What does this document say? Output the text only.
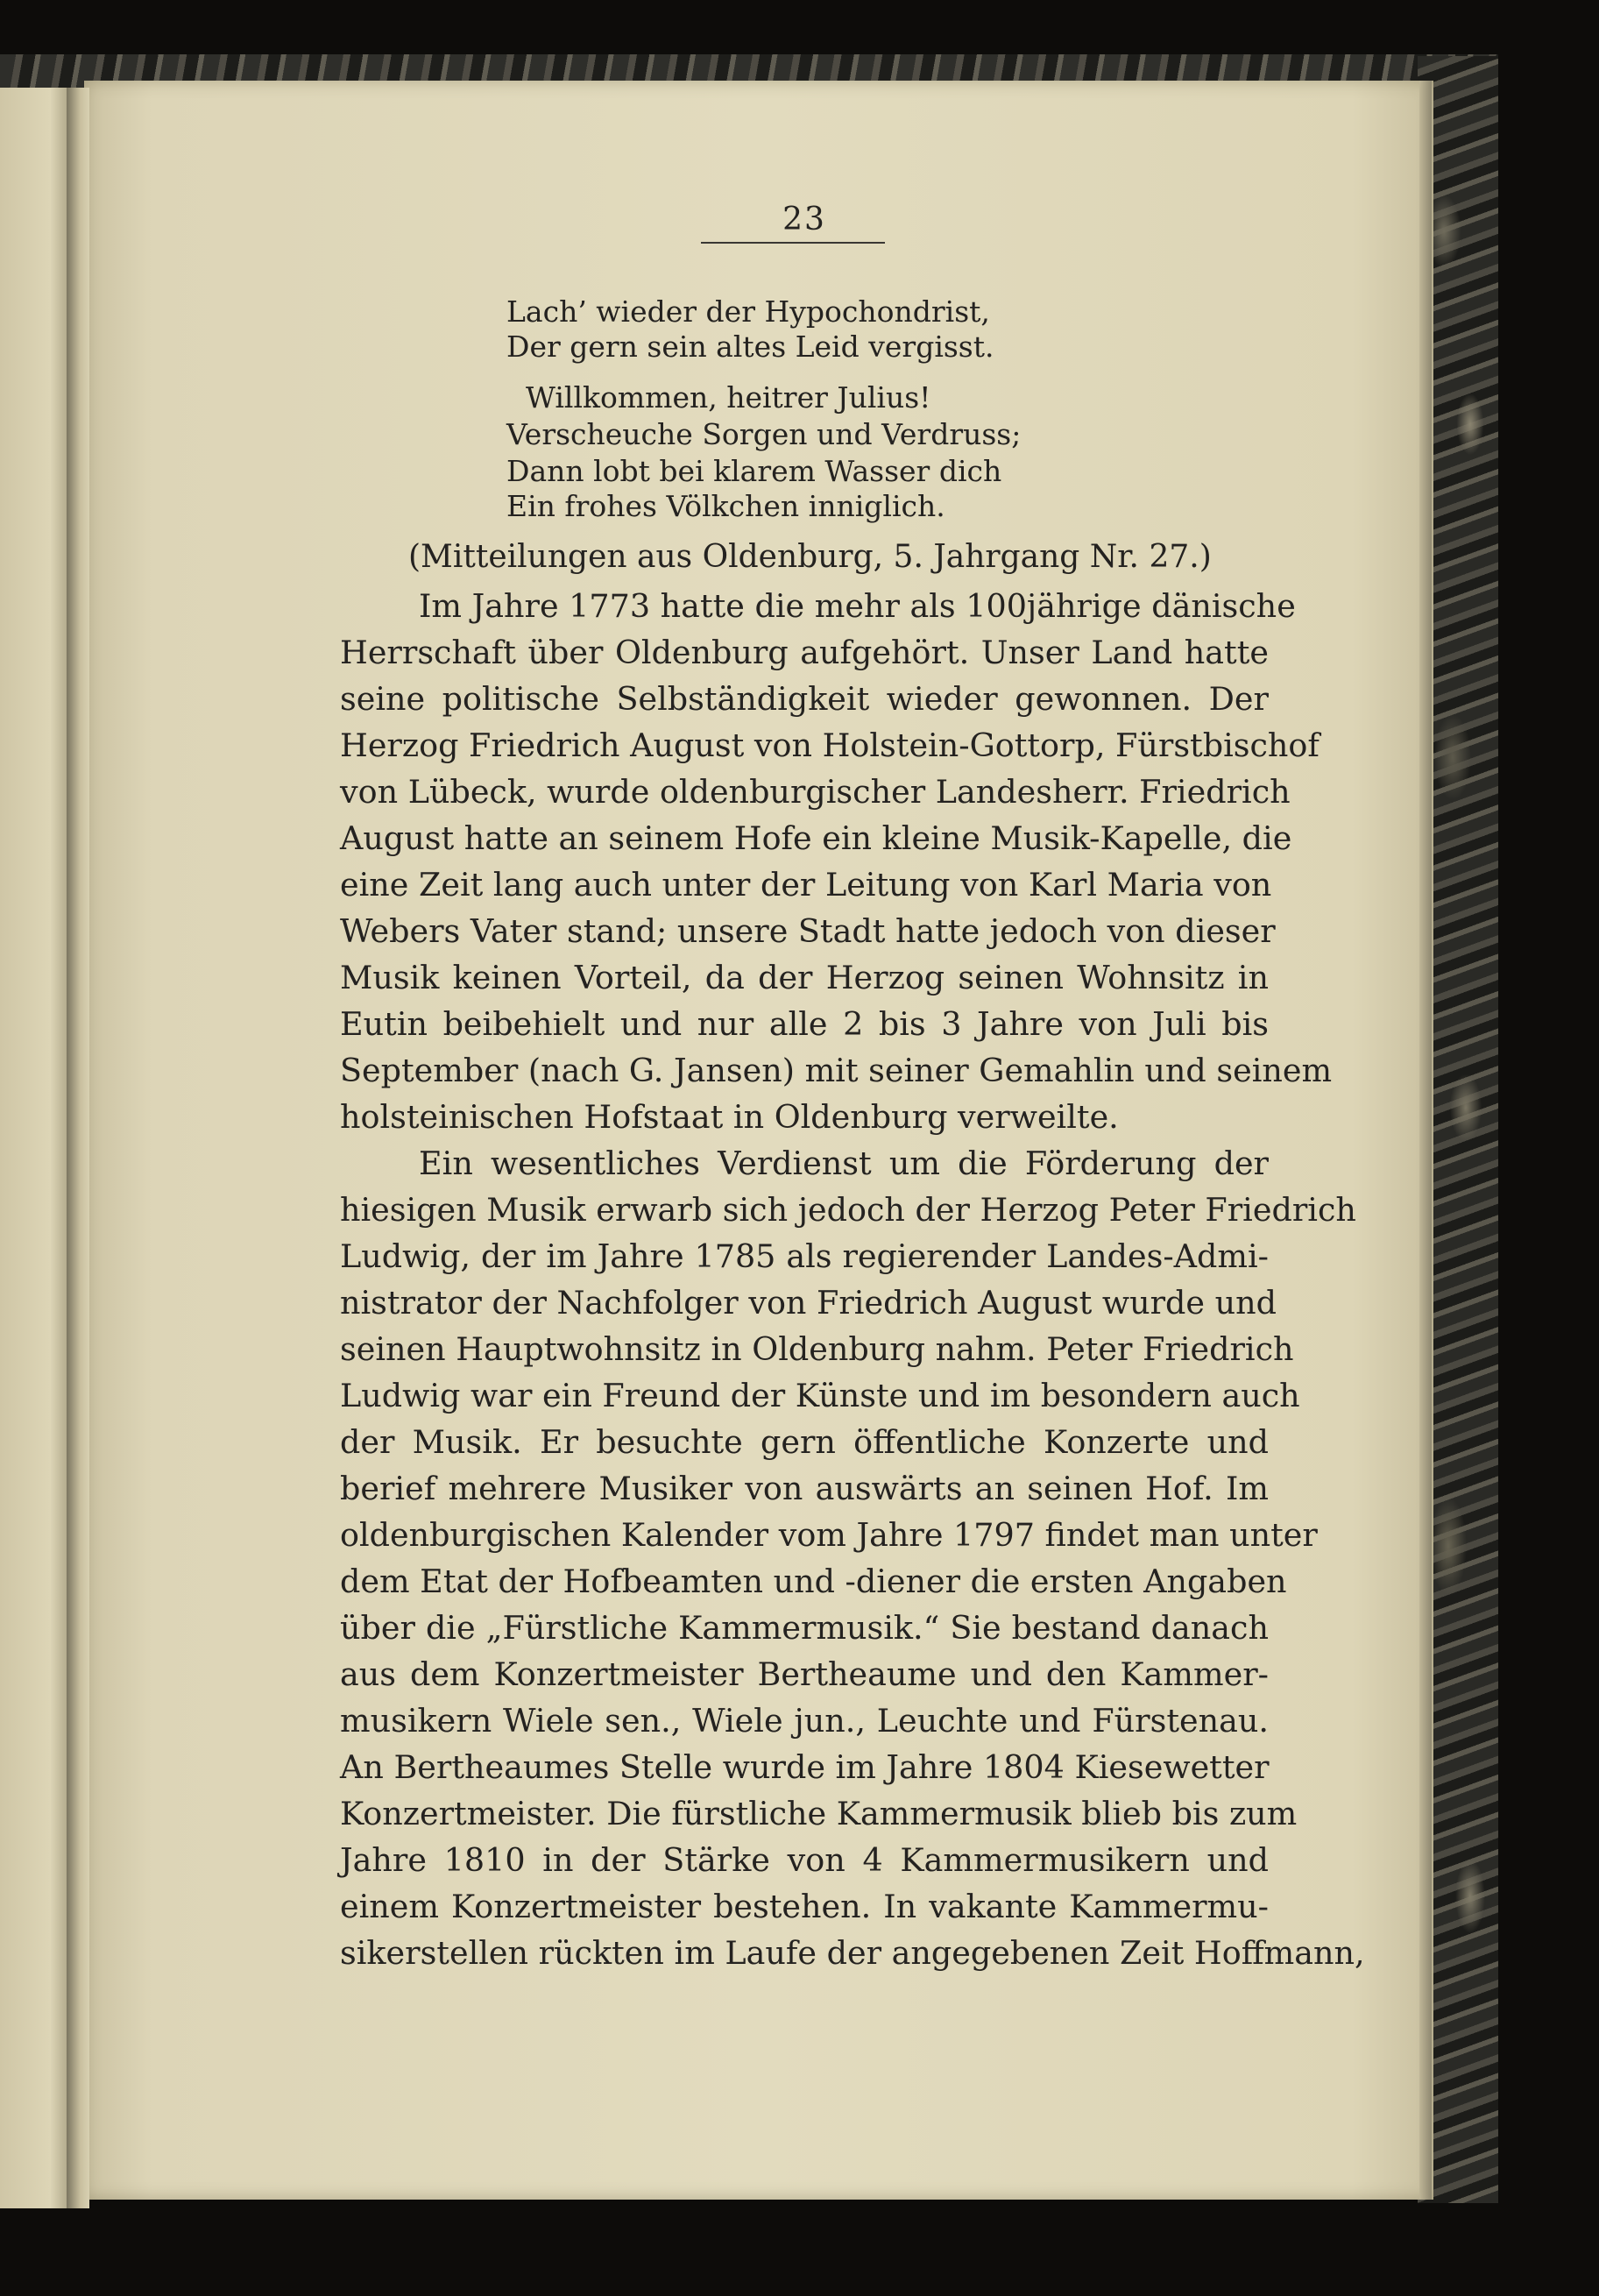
23
Lach’ wieder der Hypochondrist,
Der gern sein altes Leid vergisst.
Willkommen, heitrer Julius!
Verscheuche Sorgen und Verdruss;
Dann lobt bei klarem Wasser dich
Ein frohes Völkchen inniglich.
(Mitteilungen aus Oldenburg, 5. Jahrgang Nr. 27.)
Im Jahre 1773 hatte die mehr als 100jährige dänische
Herrschaft über Oldenburg aufgehört. Unser Land hatte
seine politische Selbständigkeit wieder gewonnen. Der
Herzog Friedrich August von Holstein-Gottorp, Fürstbischof
von Lübeck, wurde oldenburgischer Landesherr. Friedrich
August hatte an seinem Hofe ein kleine Musik-Kapelle, die
eine Zeit lang auch unter der Leitung von Karl Maria von
Webers Vater stand; unsere Stadt hatte jedoch von dieser
Musik keinen Vorteil, da der Herzog seinen Wohnsitz in
Eutin beibehielt und nur alle 2 bis 3 Jahre von Juli bis
September (nach G. Jansen) mit seiner Gemahlin und seinem
holsteinischen Hofstaat in Oldenburg verweilte.
Ein wesentliches Verdienst um die Förderung der
hiesigen Musik erwarb sich jedoch der Herzog Peter Friedrich
Ludwig, der im Jahre 1785 als regierender Landes-Admi-
nistrator der Nachfolger von Friedrich August wurde und
seinen Hauptwohnsitz in Oldenburg nahm. Peter Friedrich
Ludwig war ein Freund der Künste und im besondern auch
der Musik. Er besuchte gern öffentliche Konzerte und
berief mehrere Musiker von auswärts an seinen Hof. Im
oldenburgischen Kalender vom Jahre 1797 findet man unter
dem Etat der Hofbeamten und -diener die ersten Angaben
über die „Fürstliche Kammermusik.“ Sie bestand danach
aus dem Konzertmeister Bertheaume und den Kammer-
musikern Wiele sen., Wiele jun., Leuchte und Fürstenau.
An Bertheaumes Stelle wurde im Jahre 1804 Kiesewetter
Konzertmeister. Die fürstliche Kammermusik blieb bis zum
Jahre 1810 in der Stärke von 4 Kammermusikern und
einem Konzertmeister bestehen. In vakante Kammermu-
sikerstellen rückten im Laufe der angegebenen Zeit Hoffmann,
